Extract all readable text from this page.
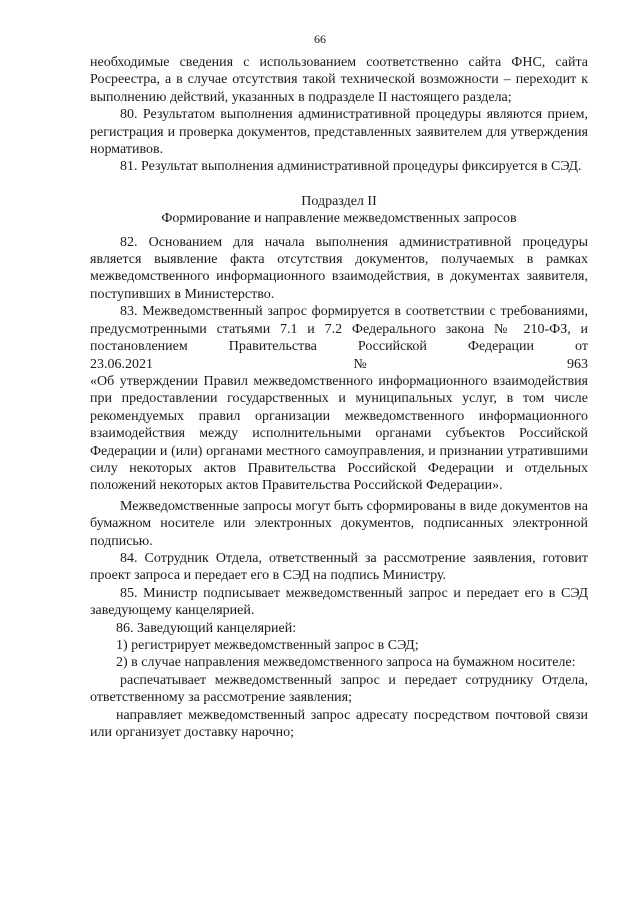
66

необходимые сведения с использованием соответственно сайта ФНС, сайта Росреестра, а в случае отсутствия такой технической возможности – переходит к выполнению действий, указанных в подразделе II настоящего раздела;

80. Результатом выполнения административной процедуры являются прием, регистрация и проверка документов, представленных заявителем для утверждения нормативов.

81. Результат выполнения административной процедуры фиксируется в СЭД.

Подраздел II

Формирование и направление межведомственных запросов

82. Основанием для начала выполнения административной процедуры является выявление факта отсутствия документов, получаемых в рамках межведомственного информационного взаимодействия, в документах заявителя, поступивших в Министерство.

83. Межведомственный запрос формируется в соответствии с требованиями, предусмотренными статьями 7.1 и 7.2 Федерального закона № 210-ФЗ, и постановлением Правительства Российской Федерации от

23.06.2021	№	963

«Об утверждении Правил межведомственного информационного взаимодействия при предоставлении государственных и муниципальных услуг, в том числе рекомендуемых правил организации межведомственного информационного взаимодействия между исполнительными органами субъектов Российской Федерации и (или) органами местного самоуправления, и признании утратившими силу некоторых актов Правительства Российской Федерации и отдельных положений некоторых актов Правительства Российской Федерации».

Межведомственные запросы могут быть сформированы в виде документов на бумажном носителе или электронных документов, подписанных электронной подписью.

84. Сотрудник Отдела, ответственный за рассмотрение заявления, готовит проект запроса и передает его в СЭД на подпись Министру.

85. Министр подписывает межведомственный запрос и передает его в СЭД заведующему канцелярией.

86. Заведующий канцелярией:

1) регистрирует межведомственный запрос в СЭД;

2) в случае направления межведомственного запроса на бумажном носителе:

распечатывает межведомственный запрос и передает сотруднику Отдела, ответственному за рассмотрение заявления;

направляет межведомственный запрос адресату посредством почтовой связи или организует доставку нарочно;
